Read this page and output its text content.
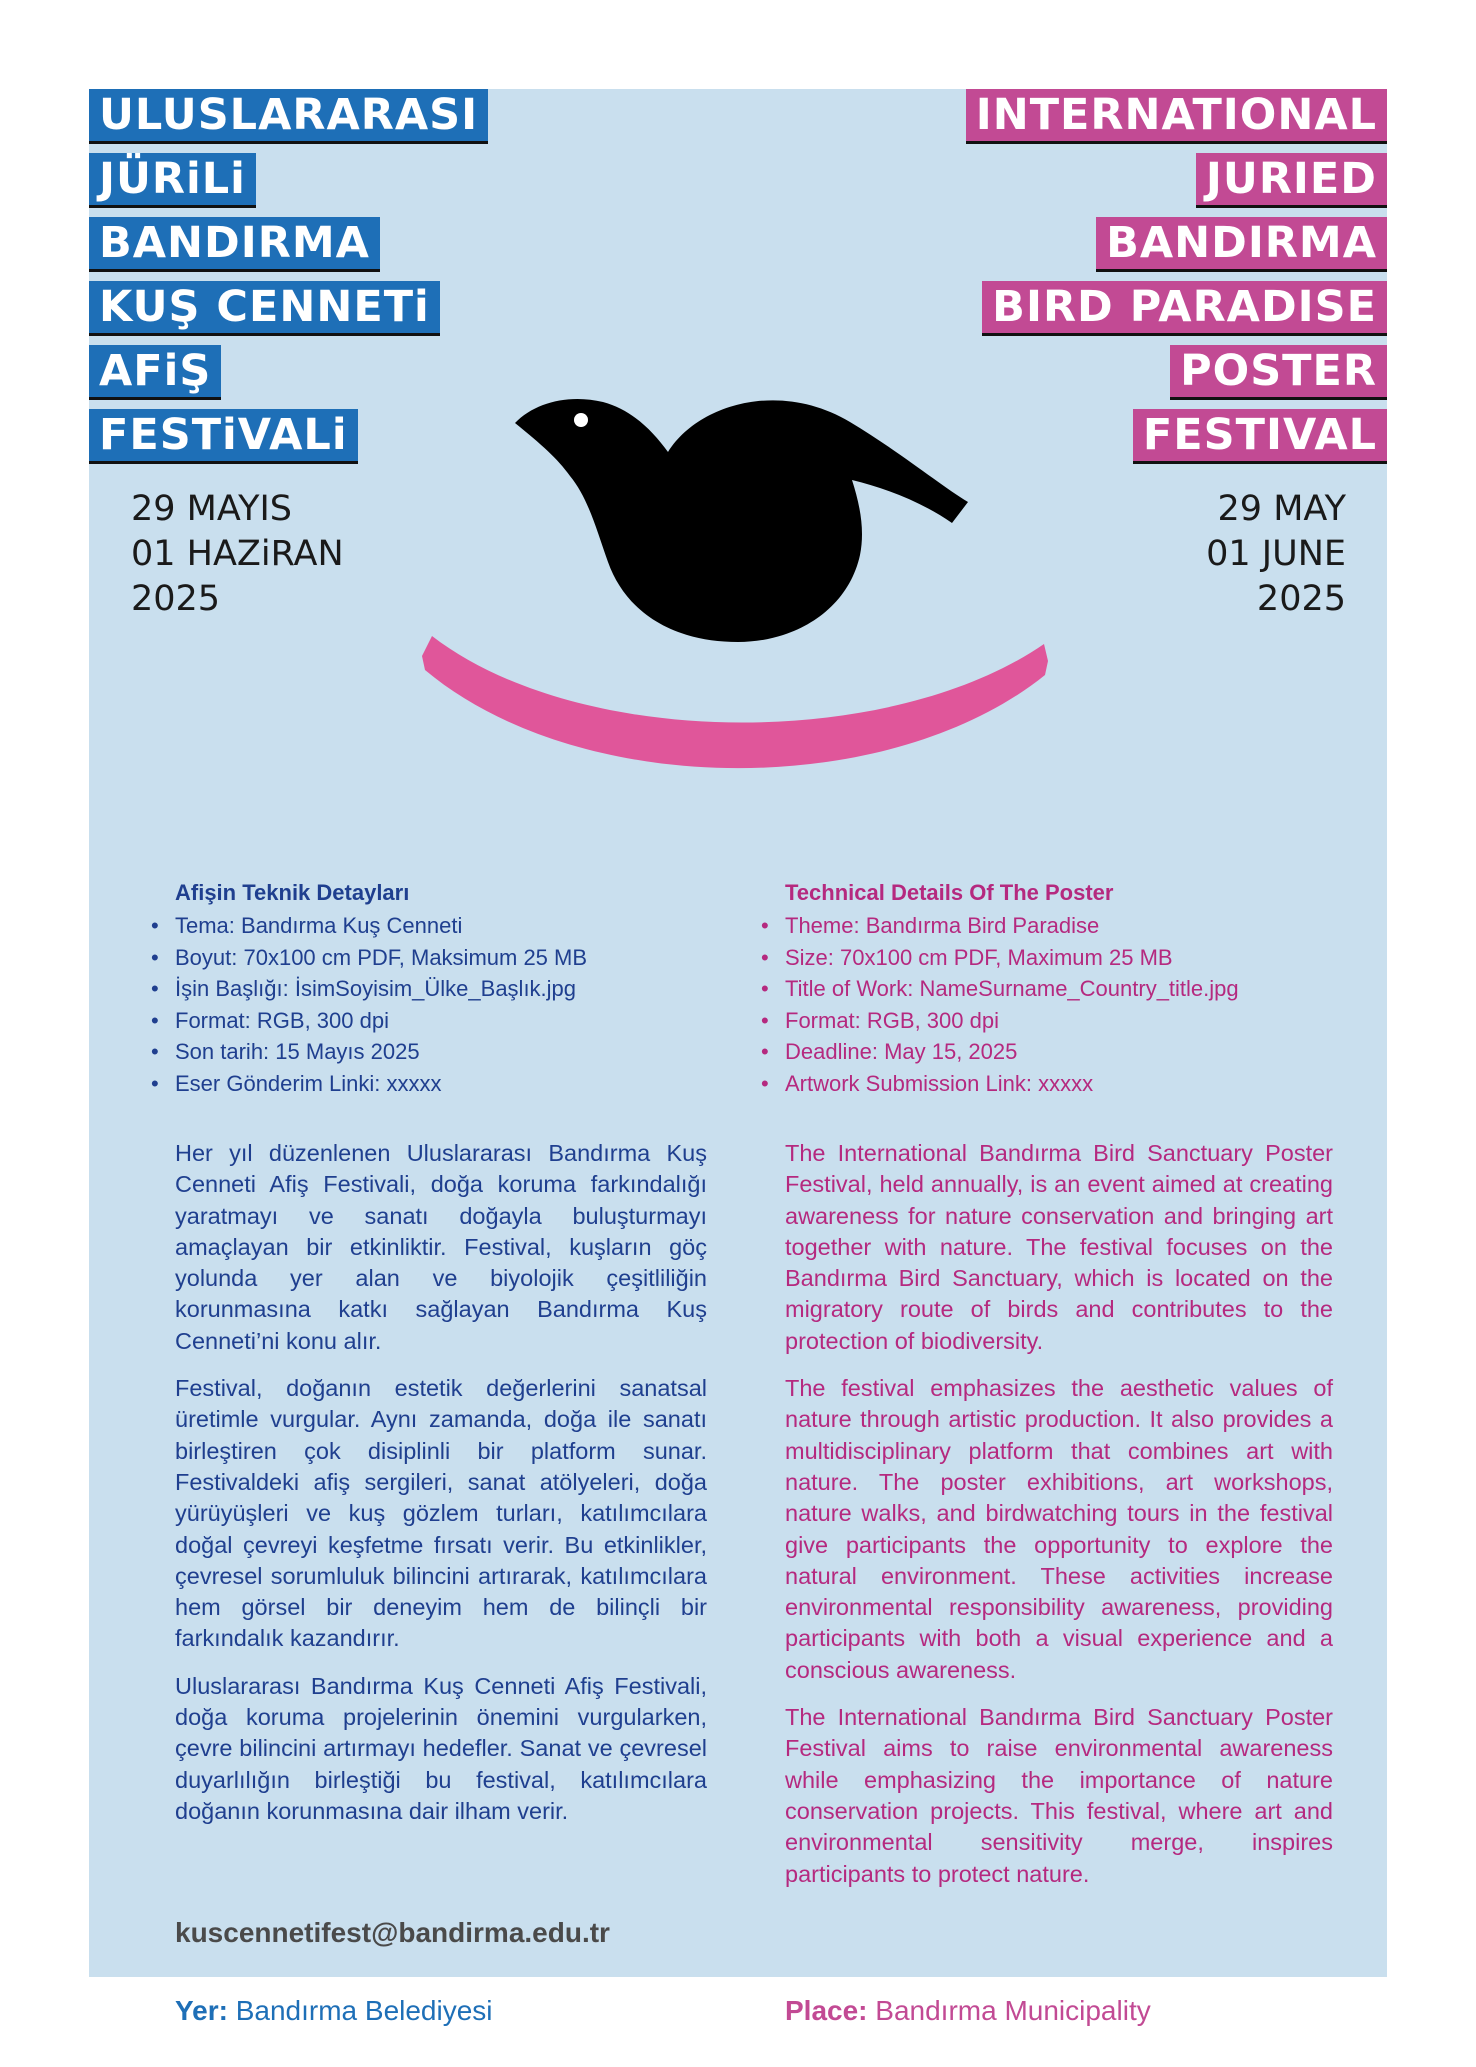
ULUSLARARASI
JÜRiLi
BANDIRMA
KUŞ CENNETi
AFiŞ
FESTiVALi
INTERNATIONAL
JURIED
BANDIRMA
BIRD PARADISE
POSTER
FESTIVAL
29 MAYIS
01 HAZiRAN
2025
29 MAY
01 JUNE
2025
Afişin Teknik Detayları
• Tema: Bandırma Kuş Cenneti
• Boyut: 70x100 cm PDF, Maksimum 25 MB
• İşin Başlığı: İsimSoyisim_Ülke_Başlık.jpg
• Format: RGB, 300 dpi
• Son tarih: 15 Mayıs 2025
• Eser Gönderim Linki: xxxxx
Technical Details Of The Poster
• Theme: Bandırma Bird Paradise
• Size: 70x100 cm PDF, Maximum 25 MB
• Title of Work: NameSurname_Country_title.jpg
• Format: RGB, 300 dpi
• Deadline: May 15, 2025
• Artwork Submission Link: xxxxx

Her yıl düzenlenen Uluslararası Bandırma Kuş Cenneti Afiş Festivali, doğa koruma farkındalığı yaratmayı ve sanatı doğayla buluşturmayı amaçlayan bir etkinliktir. Festival, kuşların göç yolunda yer alan ve biyolojik çeşitliliğin korunmasına katkı sağlayan Bandırma Kuş Cenneti’ni konu alır.

Festival, doğanın estetik değerlerini sanatsal üretimle vurgular. Aynı zamanda, doğa ile sanatı birleştiren çok disiplinli bir platform sunar. Festivaldeki afiş sergileri, sanat atölyeleri, doğa yürüyüşleri ve kuş gözlem turları, katılımcılara doğal çevreyi keşfetme fırsatı verir. Bu etkinlikler, çevresel sorumluluk bilincini artırarak, katılımcılara hem görsel bir deneyim hem de bilinçli bir farkındalık kazandırır.

Uluslararası Bandırma Kuş Cenneti Afiş Festivali, doğa koruma projelerinin önemini vurgularken, çevre bilincini artırmayı hedefler. Sanat ve çevresel duyarlılığın birleştiği bu festival, katılımcılara doğanın korunmasına dair ilham verir.

The International Bandırma Bird Sanctuary Poster Festival, held annually, is an event aimed at creating awareness for nature conservation and bringing art together with nature. The festival focuses on the Bandırma Bird Sanctuary, which is located on the migratory route of birds and contributes to the protection of biodiversity.

The festival emphasizes the aesthetic values of nature through artistic production. It also provides a multidisciplinary platform that combines art with nature. The poster exhibitions, art workshops, nature walks, and birdwatching tours in the festival give participants the opportunity to explore the natural environment. These activities increase environmental responsibility awareness, providing participants with both a visual experience and a conscious awareness.

The International Bandırma Bird Sanctuary Poster Festival aims to raise environmental awareness while emphasizing the importance of nature conservation projects. This festival, where art and environmental sensitivity merge, inspires participants to protect nature.

kuscennetifest@bandirma.edu.tr
Yer: Bandırma Belediyesi	Place: Bandırma Municipality
